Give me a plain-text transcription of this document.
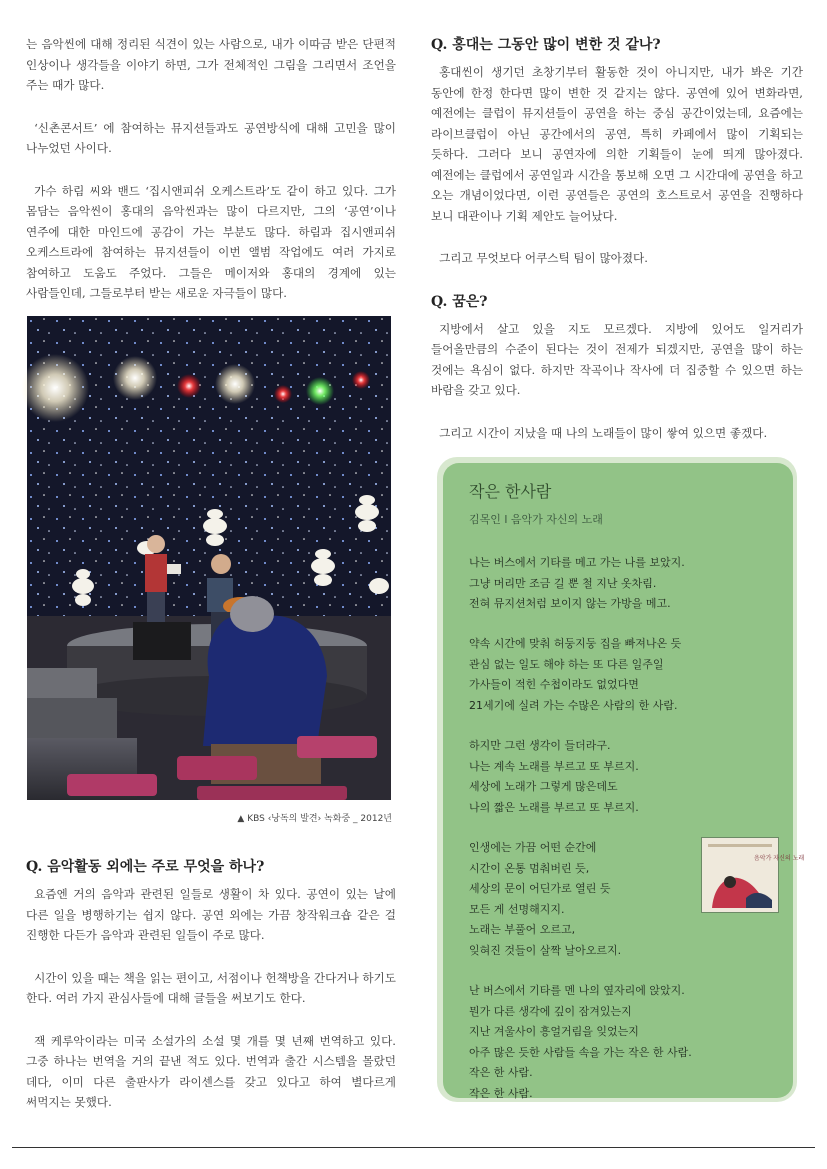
는 음악씬에 대해 정리된 식견이 있는 사람으로, 내가 이따금 받은 단편적 인상이나 생각들을 이야기 하면, 그가 전체적인 그림을 그리면서 조언을 주는 때가 많다.

‘신촌콘서트’ 에 참여하는 뮤지션들과도 공연방식에 대해 고민을 많이 나누었던 사이다.

가수 하림 씨와 밴드 ‘집시앤피쉬 오케스트라’도 같이 하고 있다. 그가 몸담는 음악씬이 홍대의 음악씬과는 많이 다르지만, 그의 ‘공연’이나 연주에 대한 마인드에 공감이 가는 부분도 많다. 하림과 집시앤피쉬 오케스트라에 참여하는 뮤지션들이 이번 앨범 작업에도 여러 가지로 참여하고 도움도 주었다. 그들은 메이저와 홍대의 경계에 있는 사람들인데, 그들로부터 받는 새로운 자극들이 많다.

▲ KBS ‹낭독의 발견› 녹화중 _ 2012년
Q. 음악활동 외에는 주로 무엇을 하나?

요즘엔 거의 음악과 관련된 일들로 생활이 차 있다. 공연이 있는 날에 다른 일을 병행하기는 쉽지 않다. 공연 외에는 가끔 창작워크숍 같은 걸 진행한 다든가 음악과 관련된 일들이 주로 많다.

시간이 있을 때는 책을 읽는 편이고, 서점이나 헌책방을 간다거나 하기도 한다. 여러 가지 관심사들에 대해 글들을 써보기도 한다.

잭 케루악이라는 미국 소설가의 소설 몇 개를 몇 년째 번역하고 있다. 그중 하나는 번역을 거의 끝낸 적도 있다. 번역과 출간 시스템을 몰랐던 데다, 이미 다른 출판사가 라이센스를 갖고 있다고 하여 별다르게 써먹지는 못했다.

Q. 홍대는 그동안 많이 변한 것 같나?

홍대씬이 생기던 초창기부터 활동한 것이 아니지만, 내가 봐온 기간 동안에 한정 한다면 많이 변한 것 같지는 않다. 공연에 있어 변화라면, 예전에는 클럽이 뮤지션들이 공연을 하는 중심 공간이었는데, 요즘에는 라이브클럽이 아닌 공간에서의 공연, 특히 카페에서 많이 기획되는 듯하다. 그러다 보니 공연자에 의한 기획들이 눈에 띄게 많아졌다. 예전에는 클럽에서 공연일과 시간을 통보해 오면 그 시간대에 공연을 하고 오는 개념이었다면, 이런 공연들은 공연의 호스트로서 공연을 진행하다 보니 대관이나 기획 제안도 늘어났다.

그리고 무엇보다 어쿠스틱 팀이 많아졌다.

Q. 꿈은?

지방에서 살고 있을 지도 모르겠다. 지방에 있어도 일거리가 들어올만큼의 수준이 된다는 것이 전제가 되겠지만, 공연을 많이 하는 것에는 욕심이 없다. 하지만 작곡이나 작사에 더 집중할 수 있으면 하는 바람을 갖고 있다.

그리고 시간이 지났을 때 나의 노래들이 많이 쌓여 있으면 좋겠다.

작은 한사람
김목인 l 음악가 자신의 노래
나는 버스에서 기타를 메고 가는 나를 보았지.
그냥 머리만 조금 길 뿐 철 지난 옷차림.
전혀 뮤지션처럼 보이지 않는 가방을 메고.
약속 시간에 맞춰 허둥지둥 집을 빠져나온 듯
관심 없는 일도 해야 하는 또 다른 일주일
가사들이 적힌 수첩이라도 없었다면
21세기에 실려 가는 수많은 사람의 한 사람.
하지만 그런 생각이 들더라구.
나는 계속 노래를 부르고 또 부르지.
세상에 노래가 그렇게 많은데도
나의 짧은 노래를 부르고 또 부르지.
인생에는 가끔 어떤 순간에
시간이 온통 멈춰버린 듯,
세상의 문이 어딘가로 열린 듯
모든 게 선명해지지.
노래는 부풀어 오르고,
잊혀진 것들이 살짝 날아오르지.
난 버스에서 기타를 멘 나의 옆자리에 앉았지.
뭔가 다른 생각에 깊이 잠겨있는지
지난 겨울사이 흥얼거림을 잊었는지
아주 많은 듯한 사람들 속을 가는 작은 한 사람.
작은 한 사람.
작은 한 사람.
음악가 자신의 노래
